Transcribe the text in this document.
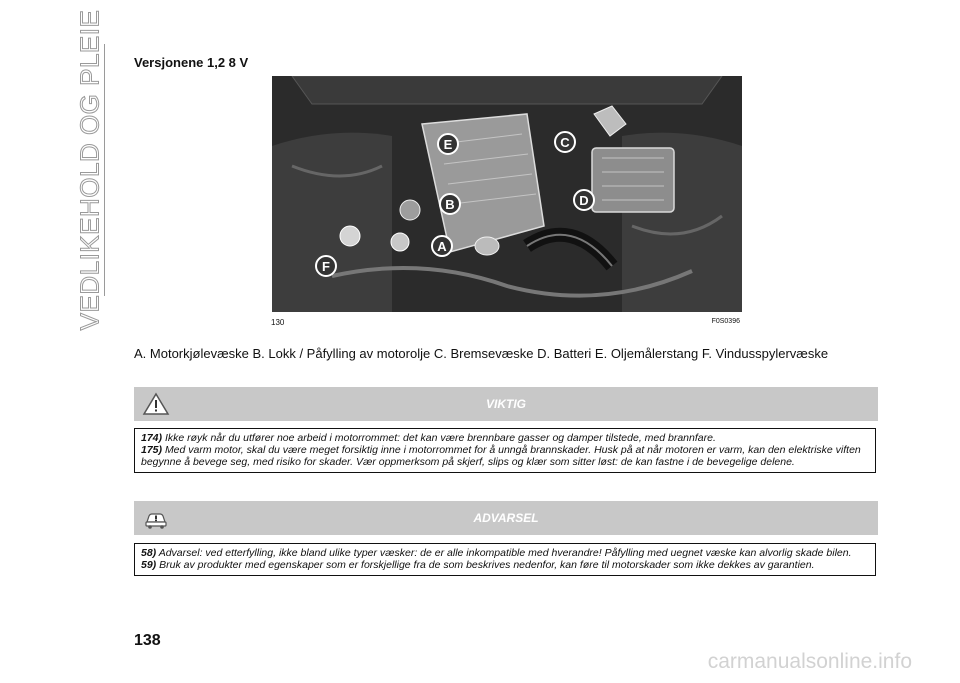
VEDLIKEHOLD OG PLEIE Versjonene 1,2 8 V
A
B
C
D
E
F
130	F0S0396
A. Motorkjølevæske B. Lokk / Påfylling av motorolje C. Bremsevæske D. Batteri E. Oljemålerstang F. Vindusspylervæske
VIKTIG

174) Ikke røyk når du utfører noe arbeid i motorrommet: det kan være brennbare gasser og damper tilstede, med brannfare.

175) Med varm motor, skal du være meget forsiktig inne i motorrommet for å unngå brannskader. Husk på at når motoren er varm, kan den elektriske viften begynne å bevege seg, med risiko for skader. Vær oppmerksom på skjerf, slips og klær som sitter løst: de kan fastne i de bevegelige delene.

ADVARSEL

58) Advarsel: ved etterfylling, ikke bland ulike typer væsker: de er alle inkompatible med hverandre! Påfylling med uegnet væske kan alvorlig skade bilen.

59) Bruk av produkter med egenskaper som er forskjellige fra de som beskrives nedenfor, kan føre til motorskader som ikke dekkes av garantien.

138
carmanualsonline.info
